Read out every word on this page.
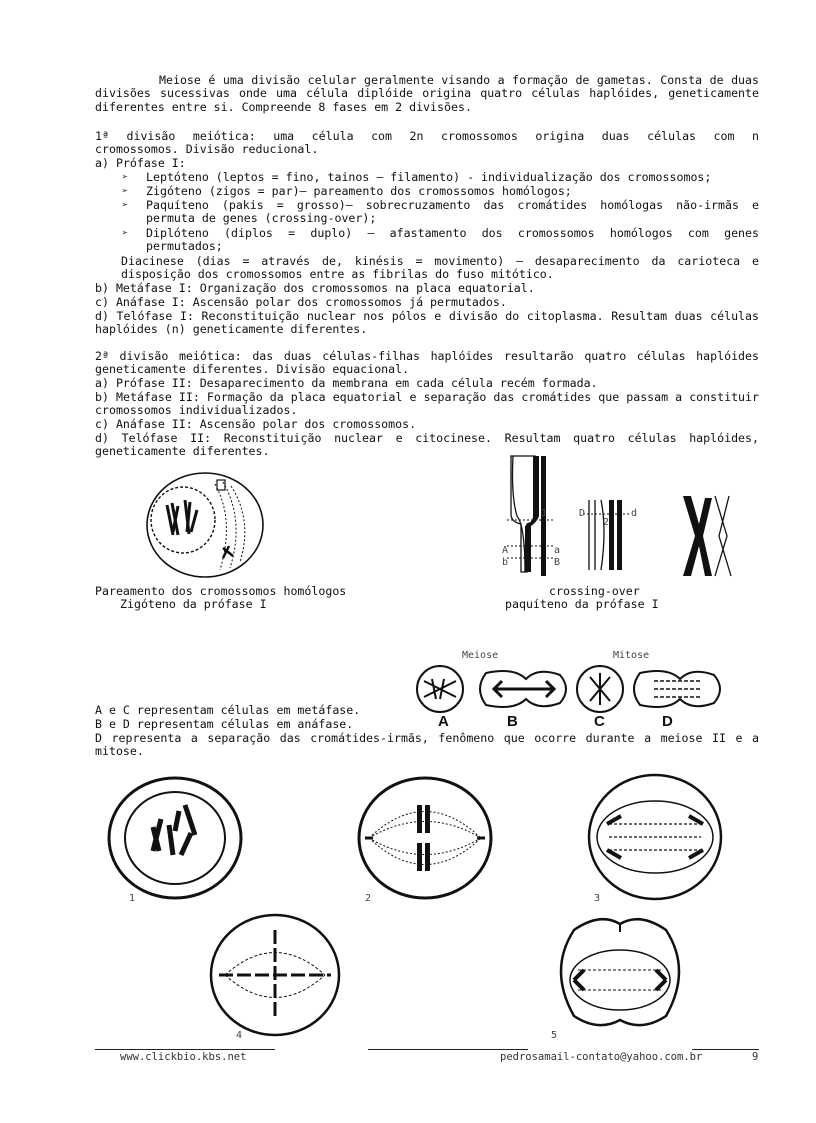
Meiose é uma divisão celular geralmente visando a formação de gametas. Consta de duas divisões sucessivas onde uma célula diplóide origina quatro células haplóides, geneticamente diferentes entre si. Compreende 8 fases em 2 divisões.
1ª divisão meiótica: uma célula com 2n cromossomos origina duas células com n
cromossomos. Divisão reducional.
a) Prófase I:
➢ Leptóteno (leptos = fino, tainos – filamento) - individualização dos cromossomos;
➢ Zigóteno (zigos = par)– pareamento dos cromossomos homólogos;
➢ Paquíteno (pakis = grosso)– sobrecruzamento das cromátides homólogas não-irmãs e permuta de genes (crossing-over);
➢ Diplóteno (diplos = duplo) – afastamento dos cromossomos homólogos com genes permutados;
Diacinese (dias = através de, kinésis = movimento) – desaparecimento da carioteca e disposição dos cromossomos entre as fibrilas do fuso mitótico.
b) Metáfase I: Organização dos cromossomos na placa equatorial.
c) Anáfase I: Ascensão polar dos cromossomos já permutados.
d) Telófase I: Reconstituição nuclear nos pólos e divisão do citoplasma. Resultam duas células haplóides (n) geneticamente diferentes.
2ª divisão meiótica: das duas células-filhas haplóides resultarão quatro células haplóides geneticamente diferentes. Divisão equacional.
a) Prófase II: Desaparecimento da membrana em cada célula recém formada.
b) Metáfase II: Formação da placa equatorial e separação das cromátides que passam a constituir cromossomos individualizados.
c) Anáfase II: Ascensão polar dos cromossomos.
d) Telófase II: Reconstituição nuclear e citocinese. Resultam quatro células haplóides, geneticamente diferentes.
Pareamento dos cromossomos homólogos
Zigóteno da prófase I
1
A	a
b	B
D
2
d
crossing-over
paquíteno da prófase I
Meiose	Mitose
A	B	C	D
A e C representam células em metáfase.
B e D representam células em anáfase.
D representa a separação das cromátides-irmãs, fenômeno que ocorre durante a meiose II e a mitose.
1	2	3
4	5
www.clickbio.kbs.net	pedrosamail-contato@yahoo.com.br	9
